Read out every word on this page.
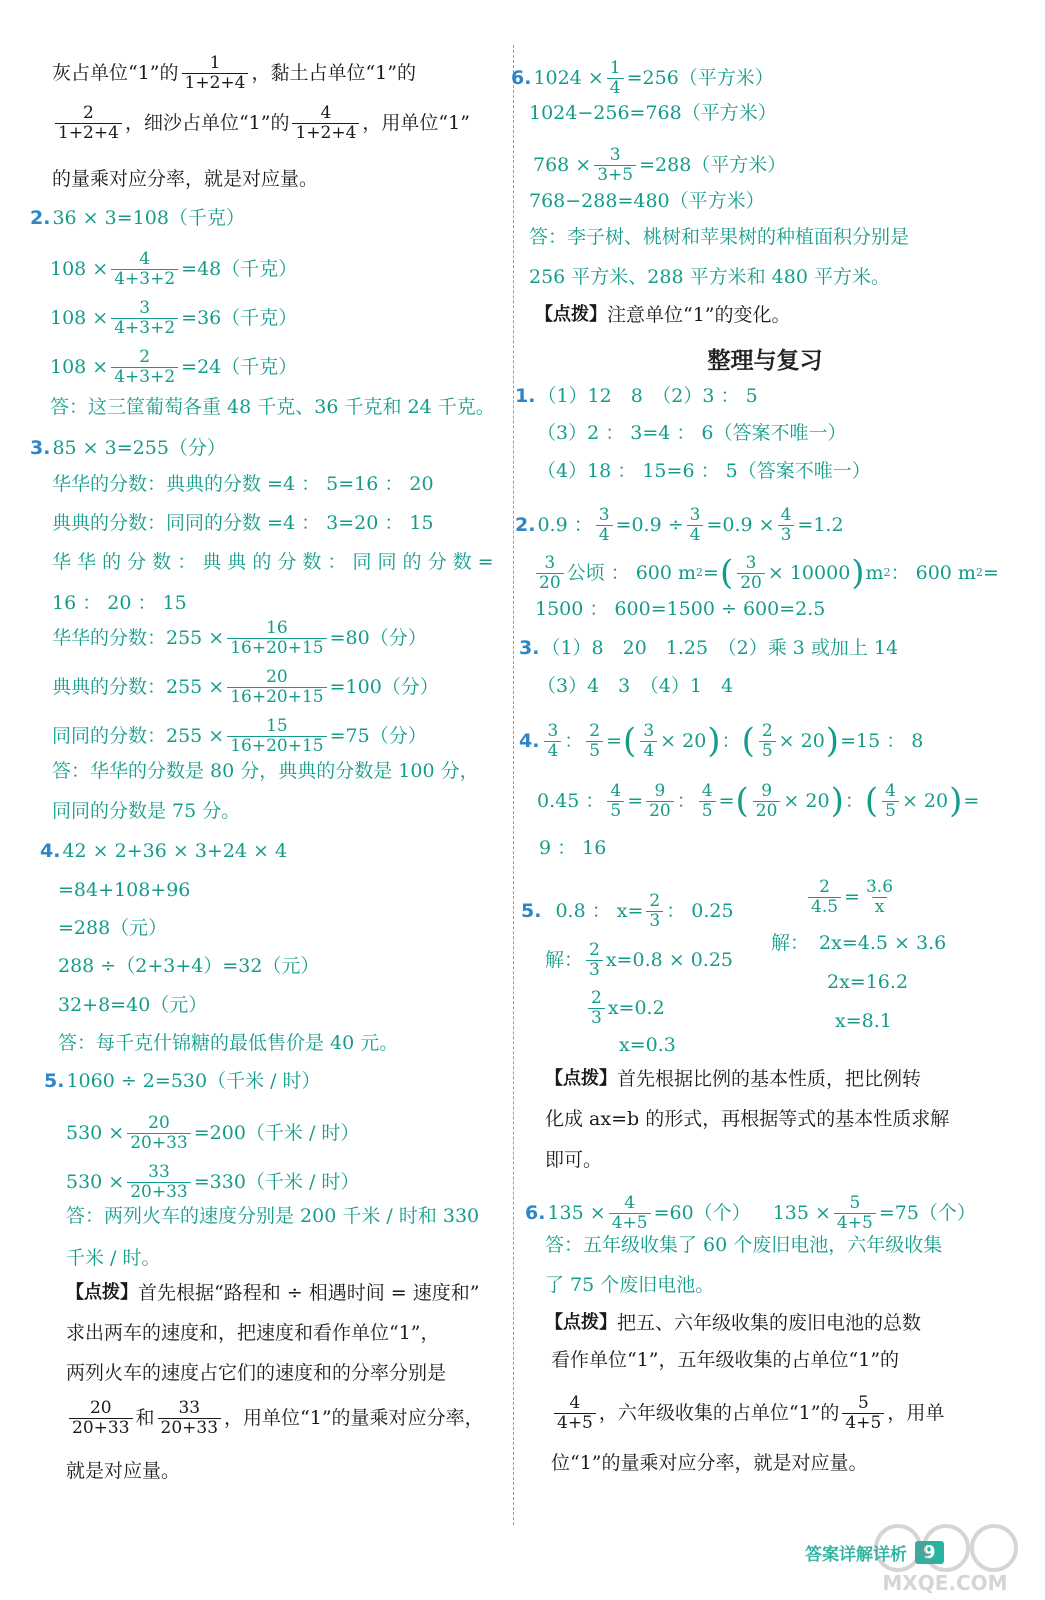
灰占单位“1”的 $\frac{1}{1+2+4}$ ，黏土占单位“1”的
$\frac{2}{1+2+4}$ ，细沙占单位“1”的 $\frac{4}{1+2+4}$ ，用单位“1”
的量乘对应分率，就是对应量。
2. 36 × 3=108（千克）
$108 \times \frac{4}{4+3+2} =48$（千克）
$108 \times \frac{3}{4+3+2} =36$（千克）
$108 \times \frac{2}{4+3+2} =24$（千克）
答：这三筐葡萄各重 48 千克、36 千克和 24 千克。
3. 85 × 3=255（分）
华华的分数：典典的分数 =4 ： 5=16 ： 20
典典的分数：同同的分数 =4 ： 3=20 ： 15
华 华 的 分 数 ： 典 典 的 分 数 ： 同 同 的 分 数 =
16 ： 20 ： 15
华华的分数：$255 \times \frac{16}{16+20+15} =80$（分）
典典的分数：$255 \times \frac{20}{16+20+15} =100$（分）
同同的分数：$255 \times \frac{15}{16+20+15} =75$（分）
答：华华的分数是 80 分，典典的分数是 100 分，
同同的分数是 75 分。
4. 42 × 2+36 × 3+24 × 4
=84+108+96
=288（元）
288 ÷（2+3+4）=32（元）
32+8=40（元）
答：每千克什锦糖的最低售价是 40 元。
5. 1060 ÷ 2=530（千米 / 时）
$530 \times \frac{20}{20+33} =200$（千米 / 时）
$530 \times \frac{33}{20+33} =330$（千米 / 时）
答：两列火车的速度分别是 200 千米 / 时和 330
千米 / 时。
【点拨】 首先根据“路程和 ÷ 相遇时间 = 速度和”
求出两车的速度和，把速度和看作单位“1”，
两列火车的速度占它们的速度和的分率分别是
$\frac{20}{20+33}$ 和 $\frac{33}{20+33}$ ，用单位“1”的量乘对应分率，
就是对应量。
6. $1024 \times \frac{1}{4} =256$（平方米）
1024−256=768（平方米）
$768 \times \frac{3}{3+5} =288$（平方米）
768−288=480（平方米）
答：李子树、桃树和苹果树的种植面积分别是
256 平方米、288 平方米和 480 平方米。
【点拨】 注意单位“1”的变化。
整理与复习
1. （1）12　8　（2）3 ： 5
（3）2 ： 3=4 ： 6（答案不唯一）
（4）18 ： 15=6 ： 5（答案不唯一）
2. 0.9 ： $\frac{3}{4} =0.9 \div \frac{3}{4} =0.9 \times \frac{4}{3} =1.2$
$\frac{3}{20}$ 公顷 ： 600 m 2 = ( $\frac{3}{20} \times 10000$ ) m 2 ： 600 m 2 =
1500 ： 600=1500 ÷ 600=2.5
3. （1）8　20　1.25　（2）乘 3 或加上 14
（3）4　3　（4）1　4
4. $\frac{3}{4}$ ： $\frac{2}{5}$ = ( $\frac{3}{4} \times 20$ ) ： ( $\frac{2}{5} \times 20$ ) =15 ： 8
0.45 ： $\frac{4}{5} = \frac{9}{20}$ ： $\frac{4}{5}$ = ( $\frac{9}{20} \times 20$ ) ： ( $\frac{4}{5} \times 20$ ) =
9 ： 16
5. 0.8 ： $x= \frac{2}{3}$ ： 0.25	$\frac{2}{4.5} = \frac{3.6}{x}$
解： $\frac{2}{3} x=0.8 \times 0.25$
$\frac{2}{3} x=0.2$
x=0.3
解： 2x=4.5 × 3.6
2x=16.2
x=8.1
【点拨】 首先根据比例的基本性质，把比例转
化成 ax=b 的形式，再根据等式的基本性质求解
即可。
6. $135 \times \frac{4}{4+5} =60$（个） $135 \times \frac{5}{4+5} =75$（个）
答：五年级收集了 60 个废旧电池，六年级收集
了 75 个废旧电池。
【点拨】 把五、六年级收集的废旧电池的总数
看作单位“1”，五年级收集的占单位“1”的
$\frac{4}{4+5}$ ，六年级收集的占单位“1”的 $\frac{5}{4+5}$ ，用单
位“1”的量乘对应分率，就是对应量。
答案详解详析 9
MXQE.COM
